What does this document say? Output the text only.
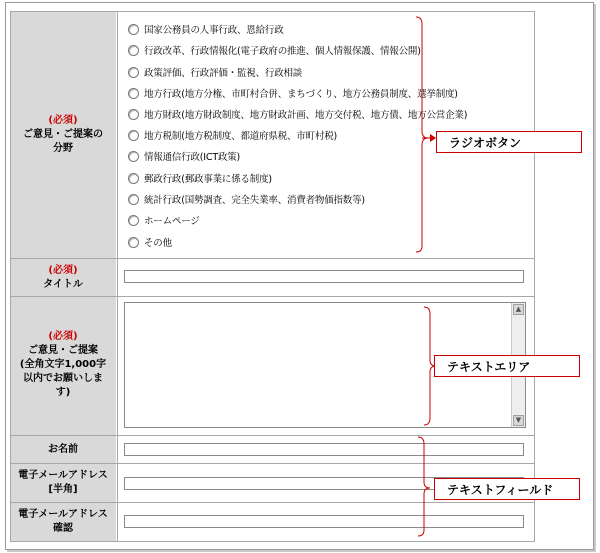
(必須)
ご意見・ご提案の分野
(必須)
タイトル
(必須)
ご意見・ご提案
(全角文字1,000字
以内でお願いしま
す)
お名前
電子メールアドレス
[半角]
電子メールアドレス
確認
国家公務員の人事行政、恩給行政
行政改革、行政情報化(電子政府の推進、個人情報保護、情報公開)
政策評価、行政評価・監視、行政相談
地方行政(地方分権、市町村合併、まちづくり、地方公務員制度、選挙制度)
地方財政(地方財政制度、地方財政計画、地方交付税、地方債、地方公営企業)
地方税制(地方税制度、都道府県税、市町村税)
情報通信行政(ICT政策)
郵政行政(郵政事業に係る制度)
統計行政(国勢調査、完全失業率、消費者物価指数等)
ホームページ
その他
▲
▼
ラジオボタン
テキストエリア
テキストフィールド
